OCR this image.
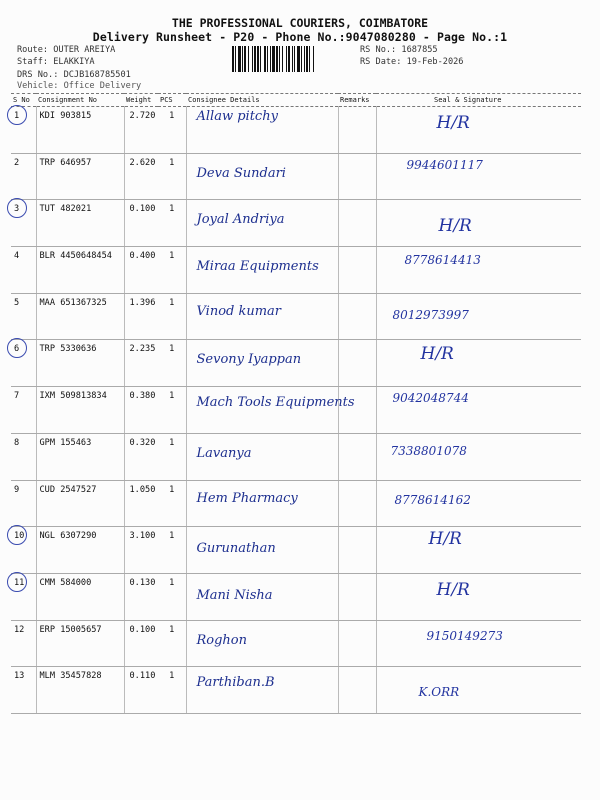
THE PROFESSIONAL COURIERS, COIMBATORE
Delivery Runsheet - P20 - Phone No.:9047080280 - Page No.:1
Route: OUTER AREIYA
Staff: ELAKKIYA
DRS No.: DCJB168785501
Vehicle: Office Delivery
RS No.: 1687855
RS Date: 19-Feb-2026
S No	Consignment No	Weight	PCS	Consignee Details	Remarks	Seal & Signature
1	KDI 903815	2.720	1	Allaw pitchy		H/R

2	TRP 646957	2.620	1	Deva Sundari		9944601117

3	TUT 482021	0.100	1	Joyal Andriya		H/R

4	BLR 4450648454	0.400	1	Miraa Equipments		8778614413

5	MAA 651367325	1.396	1	Vinod kumar		8012973997

6	TRP 5330636	2.235	1	Sevony Iyappan		H/R

7	IXM 509813834	0.380	1	Mach Tools Equipments		9042048744

8	GPM 155463	0.320	1	Lavanya		7338801078

9	CUD 2547527	1.050	1	Hem Pharmacy		8778614162

10	NGL 6307290	3.100	1	Gurunathan		H/R

11	CMM 584000	0.130	1	Mani Nisha		H/R

12	ERP 15005657	0.100	1	Roghon		9150149273

13	MLM 35457828	0.110	1	Parthiban.B		K.ORR
